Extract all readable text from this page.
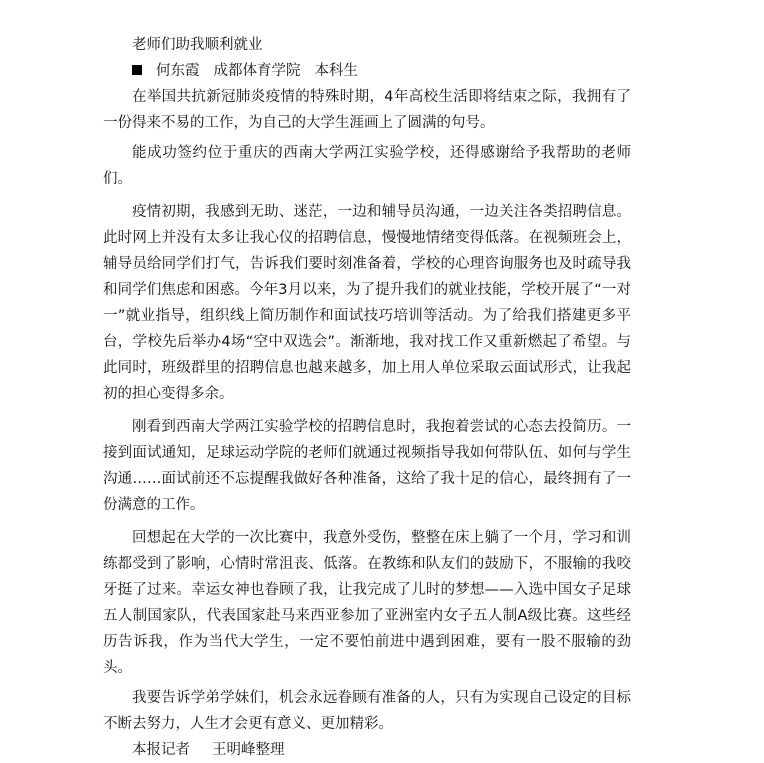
老师们助我顺利就业

何东霞 成都体育学院 本科生

在举国共抗新冠肺炎疫情的特殊时期，4年高校生活即将结束之际，我拥有了一份得来不易的工作，为自己的大学生涯画上了圆满的句号。

能成功签约位于重庆的西南大学两江实验学校，还得感谢给予我帮助的老师们。

疫情初期，我感到无助、迷茫，一边和辅导员沟通，一边关注各类招聘信息。此时网上并没有太多让我心仪的招聘信息，慢慢地情绪变得低落。在视频班会上，辅导员给同学们打气，告诉我们要时刻准备着，学校的心理咨询服务也及时疏导我和同学们焦虑和困惑。今年3月以来，为了提升我们的就业技能，学校开展了“一对一”就业指导，组织线上简历制作和面试技巧培训等活动。为了给我们搭建更多平台，学校先后举办4场“空中双选会”。渐渐地，我对找工作又重新燃起了希望。与此同时，班级群里的招聘信息也越来越多，加上用人单位采取云面试形式，让我起初的担心变得多余。

刚看到西南大学两江实验学校的招聘信息时，我抱着尝试的心态去投简历。一接到面试通知，足球运动学院的老师们就通过视频指导我如何带队伍、如何与学生沟通……面试前还不忘提醒我做好各种准备，这给了我十足的信心，最终拥有了一份满意的工作。

回想起在大学的一次比赛中，我意外受伤，整整在床上躺了一个月，学习和训练都受到了影响，心情时常沮丧、低落。在教练和队友们的鼓励下，不服输的我咬牙挺了过来。幸运女神也眷顾了我，让我完成了儿时的梦想——入选中国女子足球五人制国家队，代表国家赴马来西亚参加了亚洲室内女子五人制A级比赛。这些经历告诉我，作为当代大学生，一定不要怕前进中遇到困难，要有一股不服输的劲头。

我要告诉学弟学妹们，机会永远眷顾有准备的人，只有为实现自己设定的目标不断去努力，人生才会更有意义、更加精彩。

本报记者 王明峰整理
